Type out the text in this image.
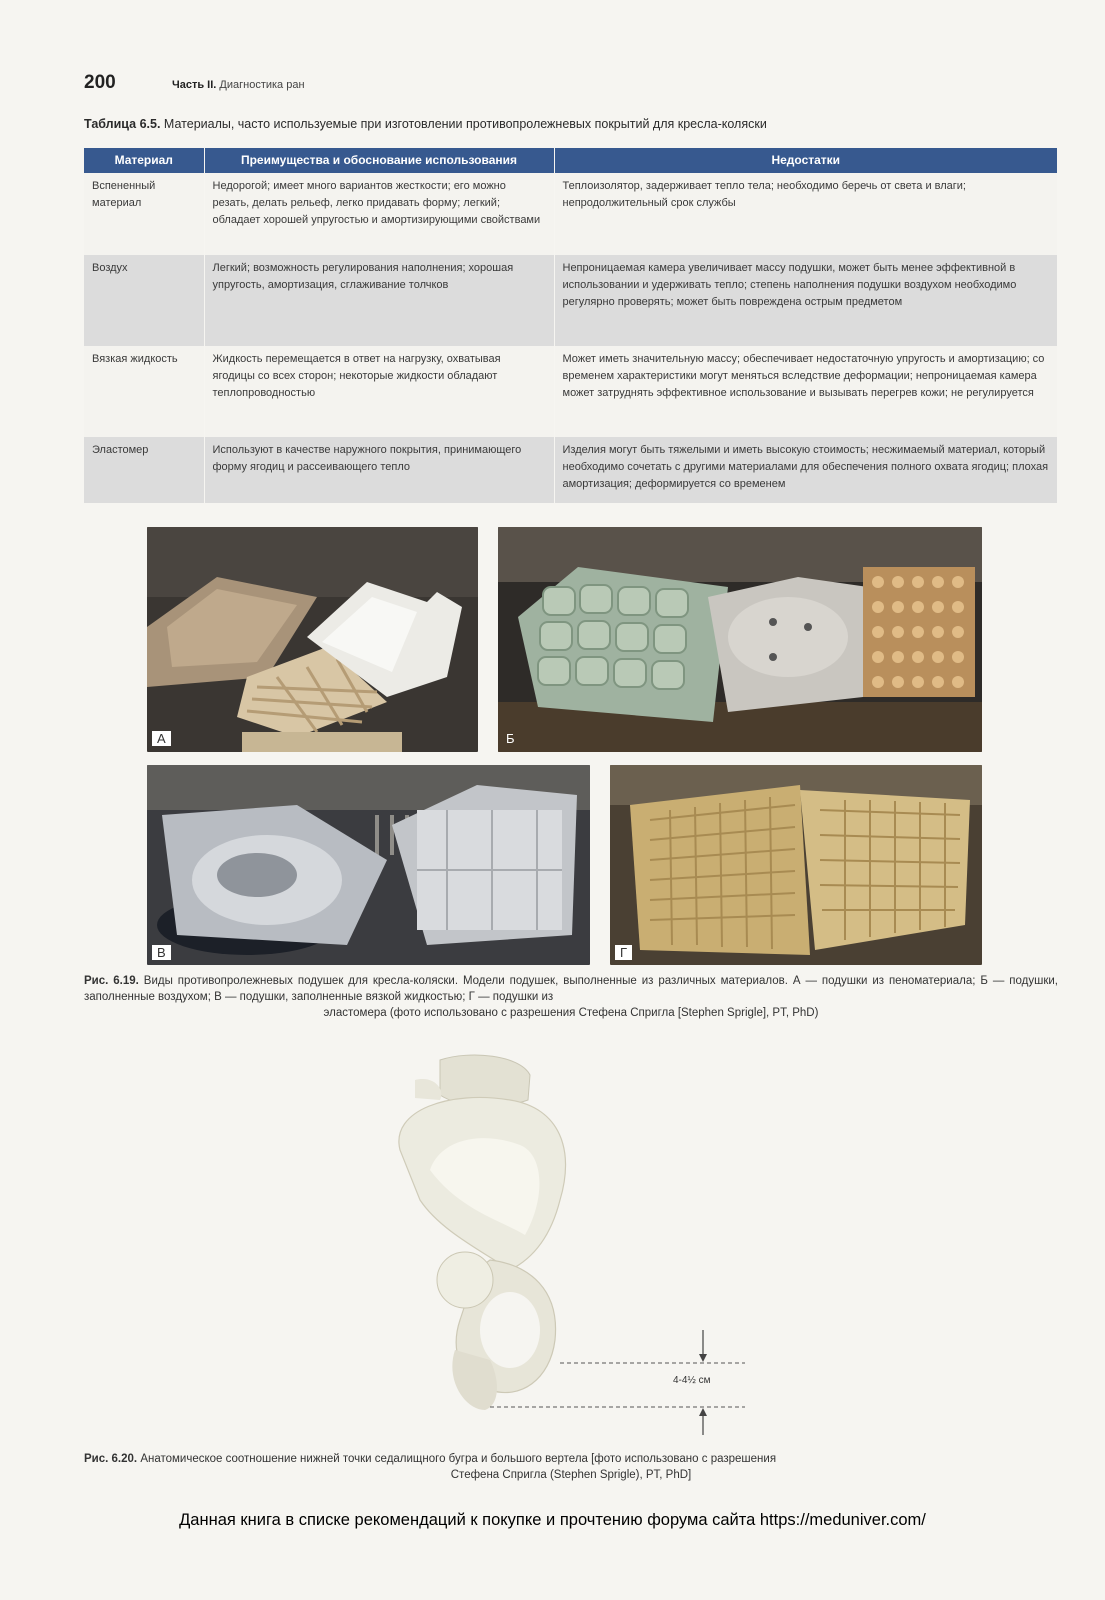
200	Часть II. Диагностика ран
Таблица 6.5. Материалы, часто используемые при изготовлении противопролежневых покрытий для кресла-коляски
Материал	Преимущества и обоснование использования	Недостатки
Вспененный материал	Недорогой; имеет много вариантов жесткости; его можно резать, делать рельеф, легко придавать форму; легкий; обладает хорошей упругостью и амортизирующими свойствами	Теплоизолятор, задерживает тепло тела; необходимо беречь от света и влаги; непродолжительный срок службы
Воздух	Легкий; возможность регулирования наполнения; хорошая упругость, амортизация, сглаживание толчков	Непроницаемая камера увеличивает массу подушки, может быть менее эффективной в использовании и удерживать тепло; степень наполнения подушки воздухом необходимо регулярно проверять; может быть повреждена острым предметом
Вязкая жидкость	Жидкость перемещается в ответ на нагрузку, охватывая ягодицы со всех сторон; некоторые жидкости обладают теплопроводностью	Может иметь значительную массу; обеспечивает недостаточную упругость и амортизацию; со временем характеристики могут меняться вследствие деформации; непроницаемая камера может затруднять эффективное использование и вызывать перегрев кожи; не регулируется
Эластомер	Используют в качестве наружного покрытия, принимающего форму ягодиц и рассеивающего тепло	Изделия могут быть тяжелыми и иметь высокую стоимость; несжимаемый материал, который необходимо сочетать с другими материалами для обеспечения полного охвата ягодиц; плохая амортизация; деформируется со временем
А	Б
В	Г
Рис. 6.19. Виды противопролежневых подушек для кресла-коляски. Модели подушек, выполненные из различных материалов. А — подушки из пеноматериала; Б — подушки, заполненные воздухом; В — подушки, заполненные вязкой жидкостью; Г — подушки из
эластомера (фото использовано с разрешения Стефена Спригла [Stephen Sprigle], PT, PhD)
4-4½ см
Рис. 6.20. Анатомическое соотношение нижней точки седалищного бугра и большого вертела [фото использовано с разрешения
Стефена Спригла (Stephen Sprigle), PT, PhD]
Данная книга в списке рекомендаций к покупке и прочтению форума сайта https://meduniver.com/
